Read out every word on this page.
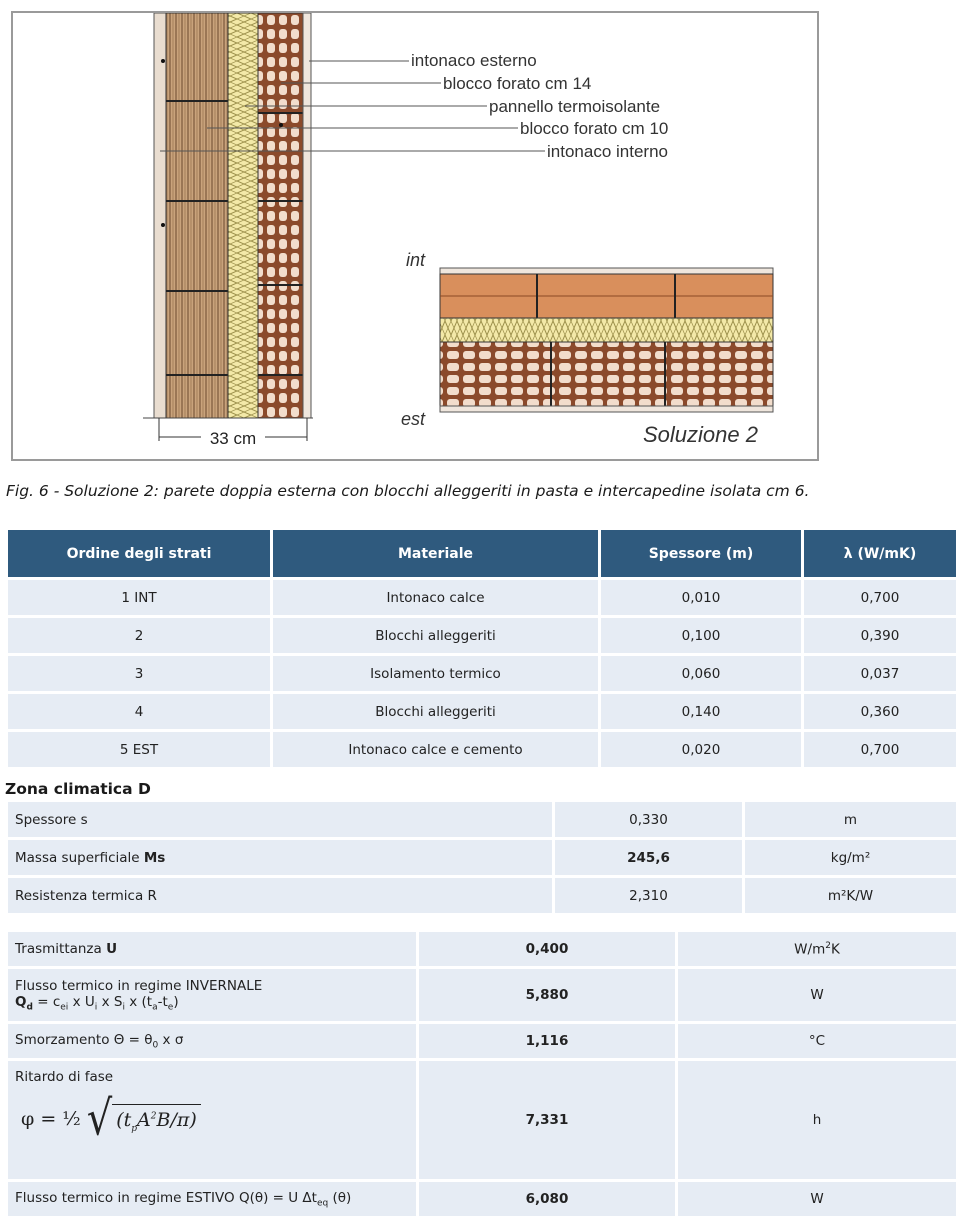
33 cm
intonaco esterno
blocco forato cm 14
pannello termoisolante
blocco forato cm 10
intonaco interno
int
est
Soluzione 2
Fig. 6 - Soluzione 2: parete doppia esterna con blocchi alleggeriti in pasta e intercapedine isolata cm 6.
Ordine degli strati	Materiale	Spessore (m)	λ (W/mK)
1 INT	Intonaco calce	0,010	0,700
2	Blocchi alleggeriti	0,100	0,390
3	Isolamento termico	0,060	0,037
4	Blocchi alleggeriti	0,140	0,360
5 EST	Intonaco calce e cemento	0,020	0,700
Zona climatica D
Spessore s	0,330	m
Massa superficiale Ms	245,6	kg/m²
Resistenza termica R	2,310	m²K/W
Trasmittanza U	0,400	$W/m^2K$

Flusso termico in regime INVERNALE
$Q_d = c_{ei}$ x $U_i$ x $S_i$ x $(t_a-t_e)$	5,880	W
Smorzamento $\Theta = \theta_0$ x σ	1,116	°C

Ritardo di fase
φ = ½ √ $(t_pA^2B/\pi)$	7,331	h
Flusso termico in regime ESTIVO Q(θ) = U $\Delta t_{eq}$ (θ)	6,080	W
